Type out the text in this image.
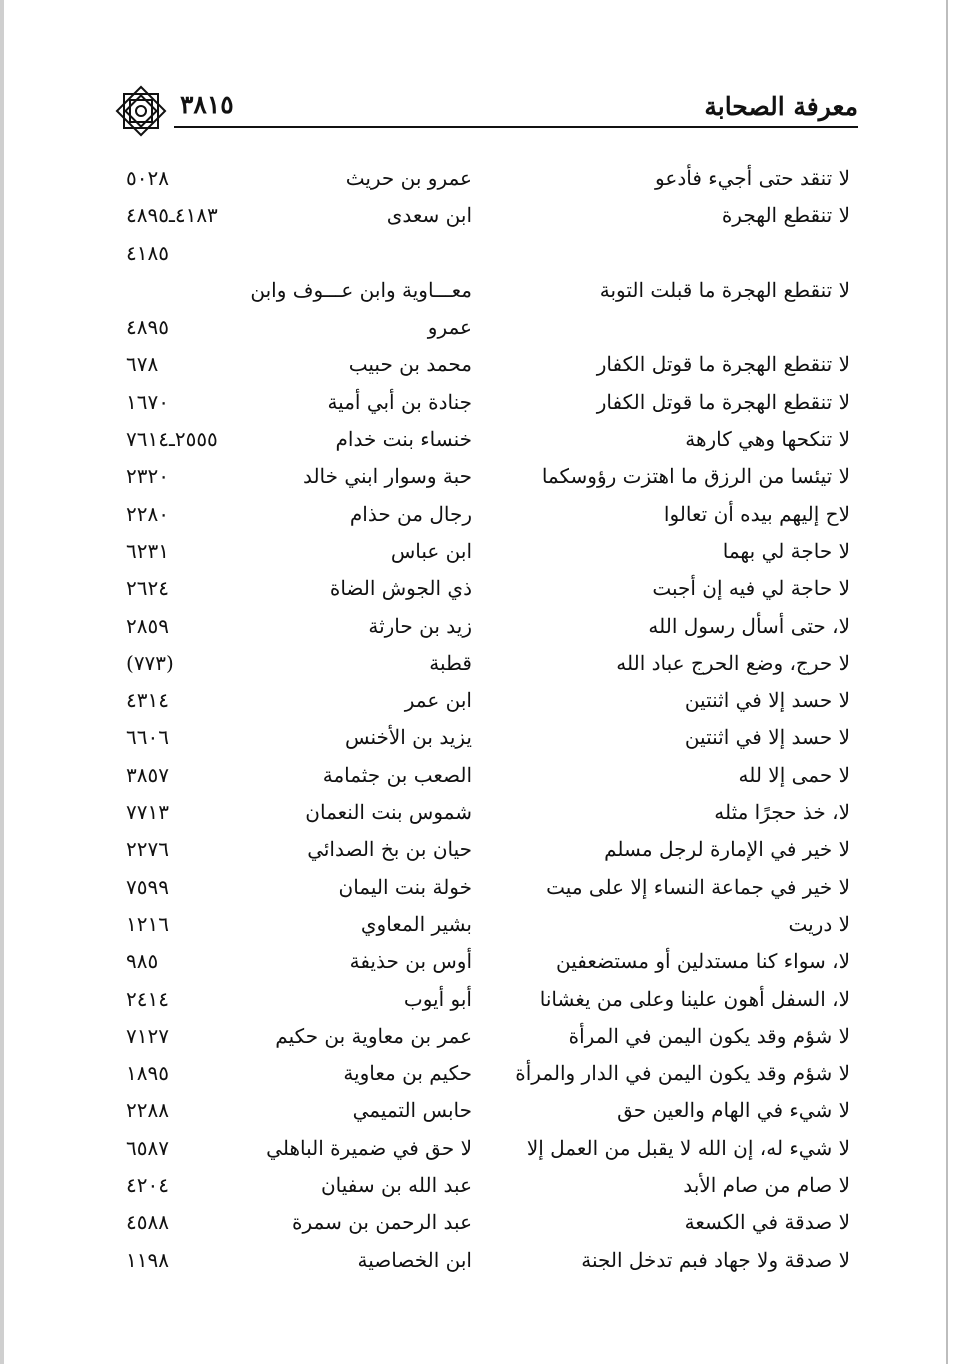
معرفة الصحابة
٣٨١٥
لا تنقد حتى أجيء فأدعو
عمرو بن حريث
٥٠٢٨
لا تنقطع الهجرة
ابن سعدى
٤١٨٣ـ٤٨٩٥
٤١٨٥
لا تنقطع الهجرة ما قبلت التوبة
معـــاوية وابن عـــوف وابن
عمرو
٤٨٩٥
لا تنقطع الهجرة ما قوتل الكفار
محمد بن حبيب
٦٧٨
لا تنقطع الهجرة ما قوتل الكفار
جنادة بن أبي أمية
١٦٧٠
لا تنكحها وهي كارهة
خنساء بنت خدام
٢٥٥٥ـ٧٦١٤
لا تيئسا من الرزق ما اهتزت رؤوسكما
حبة وسوار ابني خالد
٢٣٢٠
لاح إليهم بيده أن تعالوا
رجال من حذام
٢٢٨٠
لا حاجة لي بهما
ابن عباس
٦٢٣١
لا حاجة لي فيه إن أجبت
ذي الجوش الضاة
٢٦٢٤
لا، حتى أسأل رسول الله
زيد بن حارثة
٢٨٥٩
لا حرج، وضع الحرج عباد الله
قطبة
(٧٧٣)
لا حسد إلا في اثنتين
ابن عمر
٤٣١٤
لا حسد إلا في اثنتين
يزيد بن الأخنس
٦٦٠٦
لا حمى إلا لله
الصعب بن جثمامة
٣٨٥٧
لا، خذ حجرًا مثله
شموس بنت النعمان
٧٧١٣
لا خير في الإمارة لرجل مسلم
حيان بن بخ الصدائي
٢٢٧٦
لا خير في جماعة النساء إلا على ميت
خولة بنت اليمان
٧٥٩٩
لا دريت
بشير المعاوي
١٢١٦
لا، سواء كنا مستدلين أو مستضعفين
أوس بن حذيفة
٩٨٥
لا، السفل أهون علينا وعلى من يغشانا
أبو أيوب
٢٤١٤
لا شؤم وقد يكون اليمن في المرأة
عمر بن معاوية بن حكيم
٧١٢٧
لا شؤم وقد يكون اليمن في الدار والمرأة
حكيم بن معاوية
١٨٩٥
لا شيء في الهام والعين حق
حابس التميمي
٢٢٨٨
لا شيء له، إن الله لا يقبل من العمل إلا
لا حق في ضميرة الباهلي
٦٥٨٧
لا صام من صام الأبد
عبد الله بن سفيان
٤٢٠٤
لا صدقة في الكسعة
عبد الرحمن بن سمرة
٤٥٨٨
لا صدقة ولا جهاد فبم تدخل الجنة
ابن الخصاصية
١١٩٨
